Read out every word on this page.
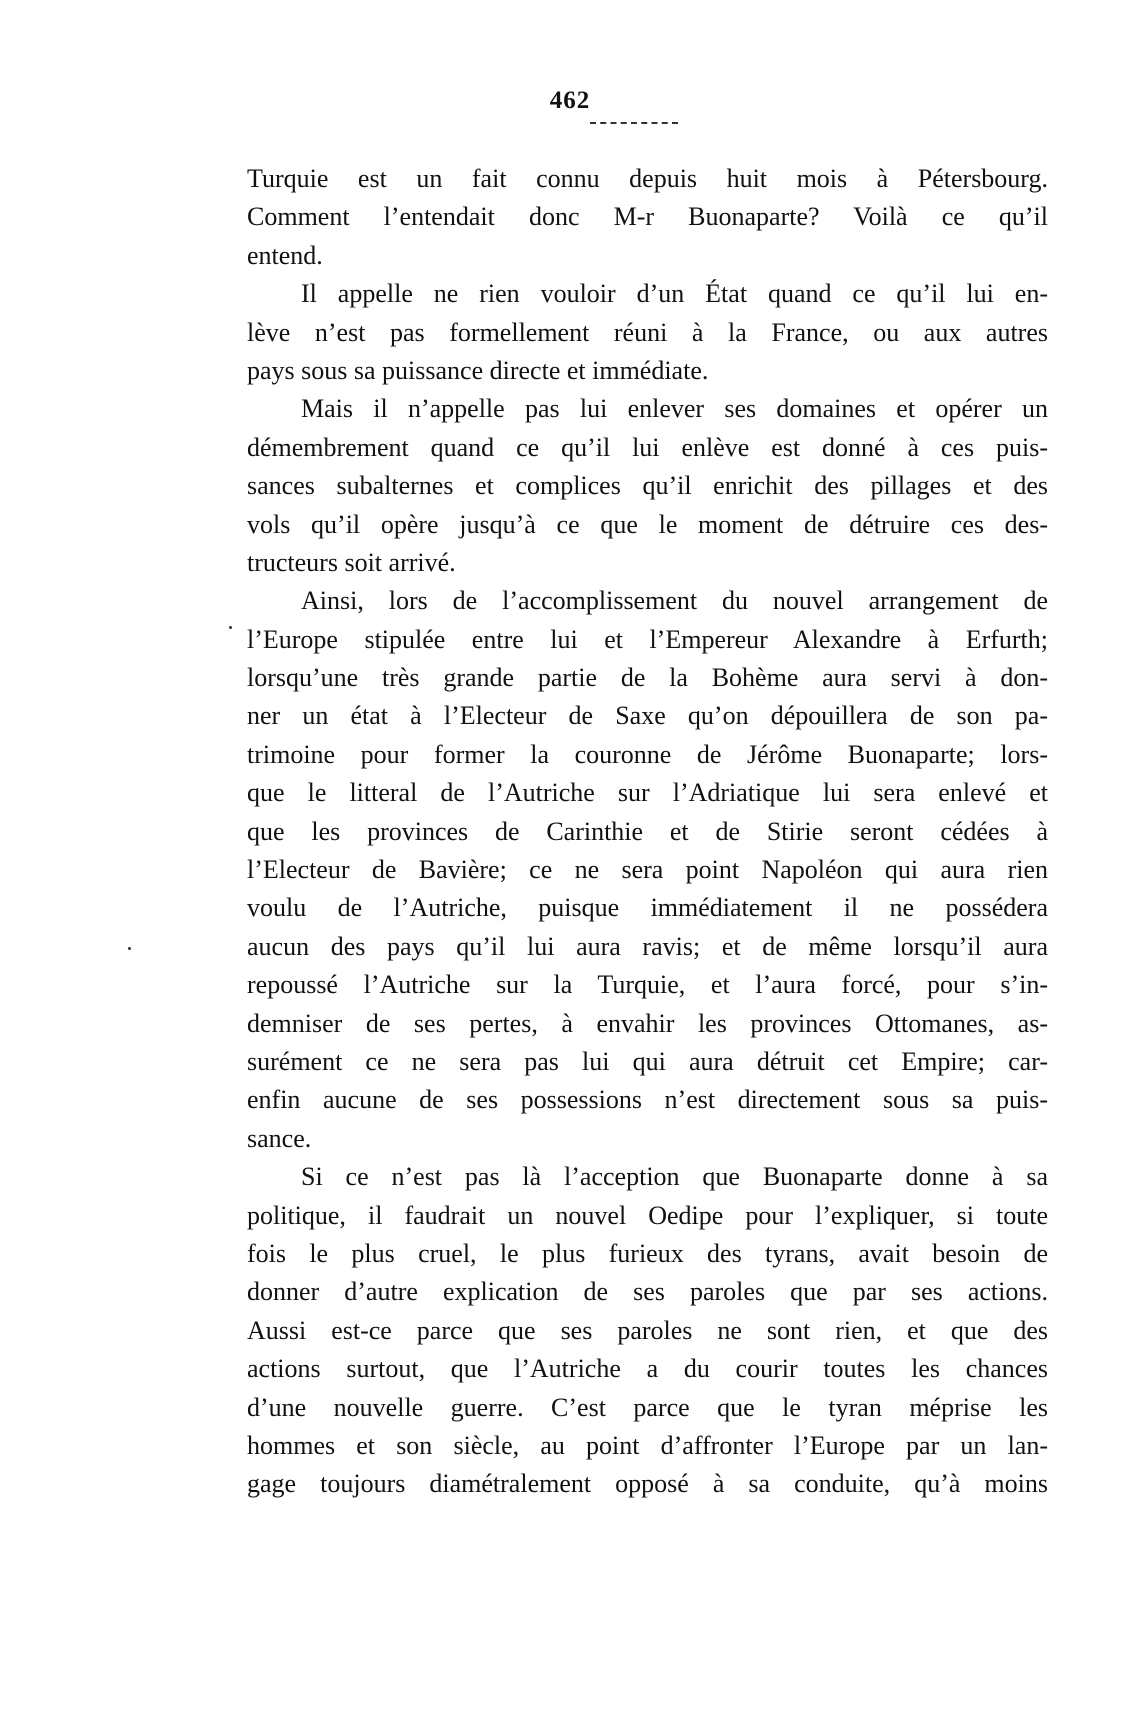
462
Turquie est un fait connu depuis huit mois à Pétersbourg.
Comment l’entendait donc M-r Buonaparte? Voilà ce qu’il
entend.
Il appelle ne rien vouloir d’un État quand ce qu’il lui en-
lève n’est pas formellement réuni à la France, ou aux autres
pays sous sa puissance directe et immédiate.
Mais il n’appelle pas lui enlever ses domaines et opérer un
démembrement quand ce qu’il lui enlève est donné à ces puis-
sances subalternes et complices qu’il enrichit des pillages et des
vols qu’il opère jusqu’à ce que le moment de détruire ces des-
tructeurs soit arrivé.
Ainsi, lors de l’accomplissement du nouvel arrangement de
l’Europe stipulée entre lui et l’Empereur Alexandre à Erfurth;
lorsqu’une très grande partie de la Bohème aura servi à don-
ner un état à l’Electeur de Saxe qu’on dépouillera de son pa-
trimoine pour former la couronne de Jérôme Buonaparte; lors-
que le litteral de l’Autriche sur l’Adriatique lui sera enlevé et
que les provinces de Carinthie et de Stirie seront cédées à
l’Electeur de Bavière; ce ne sera point Napoléon qui aura rien
voulu de l’Autriche, puisque immédiatement il ne possédera
aucun des pays qu’il lui aura ravis; et de même lorsqu’il aura
repoussé l’Autriche sur la Turquie, et l’aura forcé, pour s’in-
demniser de ses pertes, à envahir les provinces Ottomanes, as-
surément ce ne sera pas lui qui aura détruit cet Empire; car-
enfin aucune de ses possessions n’est directement sous sa puis-
sance.
Si ce n’est pas là l’acception que Buonaparte donne à sa
politique, il faudrait un nouvel Oedipe pour l’expliquer, si toute
fois le plus cruel, le plus furieux des tyrans, avait besoin de
donner d’autre explication de ses paroles que par ses actions.
Aussi est-ce parce que ses paroles ne sont rien, et que des
actions surtout, que l’Autriche a du courir toutes les chances
d’une nouvelle guerre. C’est parce que le tyran méprise les
hommes et son siècle, au point d’affronter l’Europe par un lan-
gage toujours diamétralement opposé à sa conduite, qu’à moins
